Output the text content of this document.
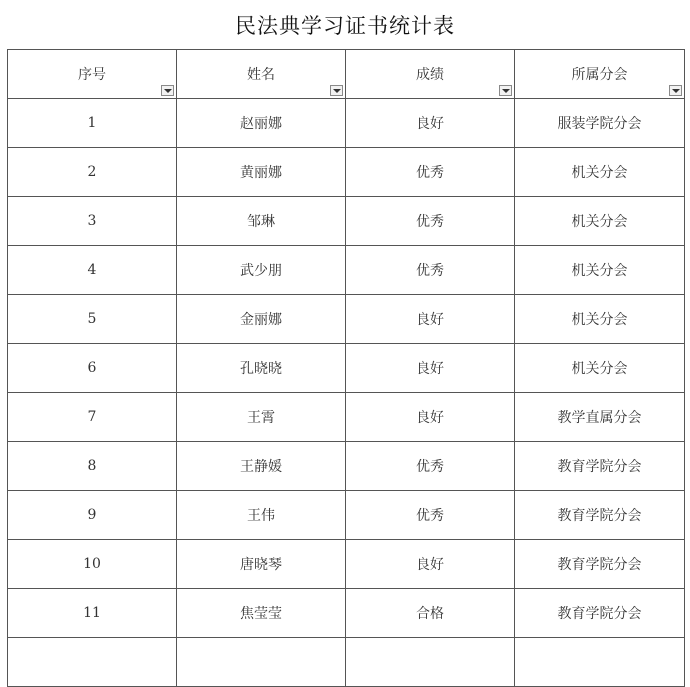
民法典学习证书统计表
序号	姓名	成绩	所属分会

1	赵丽娜	良好	服装学院分会
2	黄丽娜	优秀	机关分会
3	邹琳	优秀	机关分会
4	武少朋	优秀	机关分会
5	金丽娜	良好	机关分会
6	孔晓晓	良好	机关分会
7	王霄	良好	教学直属分会
8	王静媛	优秀	教育学院分会
9	王伟	优秀	教育学院分会
10	唐晓琴	良好	教育学院分会
11	焦莹莹	合格	教育学院分会
